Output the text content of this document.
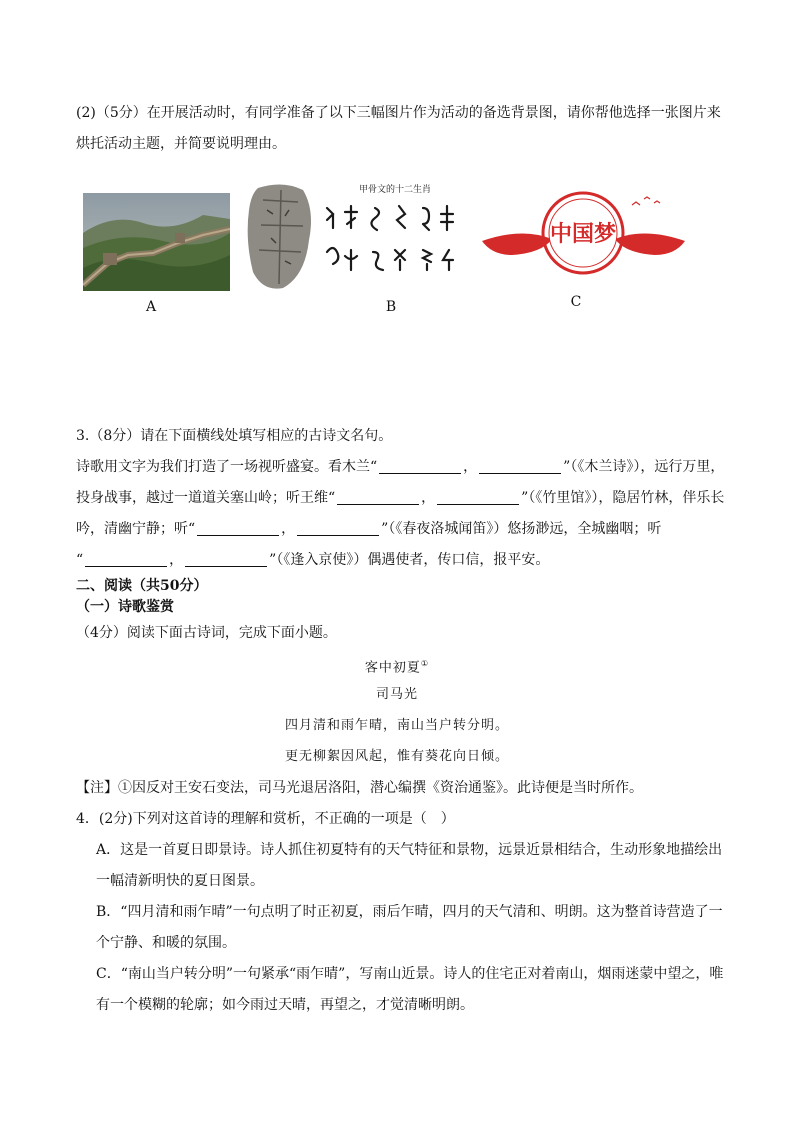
(2)（5分）在开展活动时，有同学准备了以下三幅图片作为活动的备选背景图，请你帮他选择一张图片来
烘托活动主题，并简要说明理由。
A
甲骨文的十二生肖
B
中国梦
C
3.（8分）请在下面横线处填写相应的古诗文名句。
诗歌用文字为我们打造了一场视听盛宴。看木兰“	，	”（《木兰诗》），远行万里，
投身战事，越过一道道关塞山岭；听王维“	，	”（《竹里馆》），隐居竹林，伴乐长
吟，清幽宁静；听“	，	”（《春夜洛城闻笛》）悠扬渺远，全城幽咽；听
“	，	”（《逢入京使》）偶遇使者，传口信，报平安。
二、阅读（共50分）
（一）诗歌鉴赏
（4分）阅读下面古诗词，完成下面小题。
客中初夏①
司马光
四月清和雨乍晴，南山当户转分明。
更无柳絮因风起，惟有葵花向日倾。
【注】①因反对王安石变法，司马光退居洛阳，潜心编撰《资治通鉴》。此诗便是当时所作。
4．(2分)下列对这首诗的理解和赏析，不正确的一项是（　）
A．这是一首夏日即景诗。诗人抓住初夏特有的天气特征和景物，远景近景相结合，生动形象地描绘出
一幅清新明快的夏日图景。
B．“四月清和雨乍晴”一句点明了时正初夏，雨后乍晴，四月的天气清和、明朗。这为整首诗营造了一
个宁静、和暖的氛围。
C．“南山当户转分明”一句紧承“雨乍晴”，写南山近景。诗人的住宅正对着南山，烟雨迷蒙中望之，唯
有一个模糊的轮廓；如今雨过天晴，再望之，才觉清晰明朗。
